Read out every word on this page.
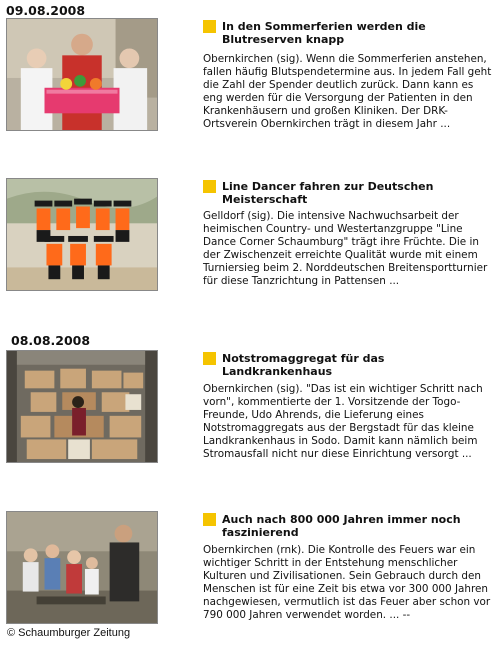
09.08.2008
In den Sommerferien werden die Blutreserven knapp
Obernkirchen (sig). Wenn die Sommerferien anstehen, fallen häufig Blutspendetermine aus. In jedem Fall geht die Zahl der Spender deutlich zurück. Dann kann es eng werden für die Versorgung der Patienten in den Krankenhäusern und großen Kliniken. Der DRK-Ortsverein Obernkirchen trägt in diesem Jahr ...
Line Dancer fahren zur Deutschen Meisterschaft
Gelldorf (sig). Die intensive Nachwuchsarbeit der heimischen Country- und Westertanzgruppe "Line Dance Corner Schaumburg" trägt ihre Früchte. Die in der Zwischenzeit erreichte Qualität wurde mit einem Turniersieg beim 2. Norddeutschen Breitensportturnier für diese Tanzrichtung in Pattensen ...
08.08.2008
Notstromaggregat für das Landkrankenhaus
Obernkirchen (sig). "Das ist ein wichtiger Schritt nach vorn", kommentierte der 1. Vorsitzende der Togo-Freunde, Udo Ahrends, die Lieferung eines Notstromaggregats aus der Bergstadt für das kleine Landkrankenhaus in Sodo. Damit kann nämlich beim Stromausfall nicht nur diese Einrichtung versorgt ...
Auch nach 800 000 Jahren immer noch faszinierend
Obernkirchen (rnk). Die Kontrolle des Feuers war ein wichtiger Schritt in der Entstehung menschlicher Kulturen und Zivilisationen. Sein Gebrauch durch den Menschen ist für eine Zeit bis etwa vor 300 000 Jahren nachgewiesen, vermutlich ist das Feuer aber schon vor 790 000 Jahren verwendet worden. ... --
© Schaumburger Zeitung
